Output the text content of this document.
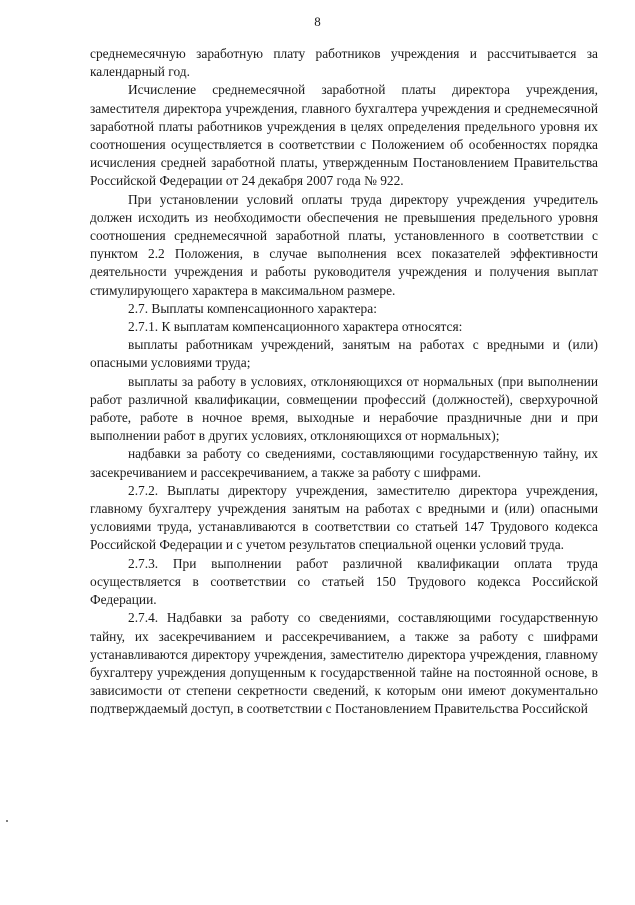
8

среднемесячную заработную плату работников учреждения и рассчитывается за календарный год.

Исчисление среднемесячной заработной платы директора учреждения, заместителя директора учреждения, главного бухгалтера учреждения и среднемесячной заработной платы работников учреждения в целях определения предельного уровня их соотношения осуществляется в соответствии с Положением об особенностях порядка исчисления средней заработной платы, утвержденным Постановлением Правительства Российской Федерации от 24 декабря 2007 года № 922.

При установлении условий оплаты труда директору учреждения учредитель должен исходить из необходимости обеспечения не превышения предельного уровня соотношения среднемесячной заработной платы, установленного в соответствии с пунктом 2.2 Положения, в случае выполнения всех показателей эффективности деятельности учреждения и работы руководителя учреждения и получения выплат стимулирующего характера в максимальном размере.

2.7. Выплаты компенсационного характера:

2.7.1. К выплатам компенсационного характера относятся:

выплаты работникам учреждений, занятым на работах с вредными и (или) опасными условиями труда;

выплаты за работу в условиях, отклоняющихся от нормальных (при выполнении работ различной квалификации, совмещении профессий (должностей), сверхурочной работе, работе в ночное время, выходные и нерабочие праздничные дни и при выполнении работ в других условиях, отклоняющихся от нормальных);

надбавки за работу со сведениями, составляющими государственную тайну, их засекречиванием и рассекречиванием, а также за работу с шифрами.

2.7.2. Выплаты директору учреждения, заместителю директора учреждения, главному бухгалтеру учреждения занятым на работах с вредными и (или) опасными условиями труда, устанавливаются в соответствии со статьей 147 Трудового кодекса Российской Федерации и с учетом результатов специальной оценки условий труда.

2.7.3. При выполнении работ различной квалификации оплата труда осуществляется в соответствии со статьей 150 Трудового кодекса Российской Федерации.

2.7.4. Надбавки за работу со сведениями, составляющими государственную тайну, их засекречиванием и рассекречиванием, а также за работу с шифрами устанавливаются директору учреждения, заместителю директора учреждения, главному бухгалтеру учреждения допущенным к государственной тайне на постоянной основе, в зависимости от степени секретности сведений, к которым они имеют документально подтверждаемый доступ, в соответствии с Постановлением Правительства Российской
